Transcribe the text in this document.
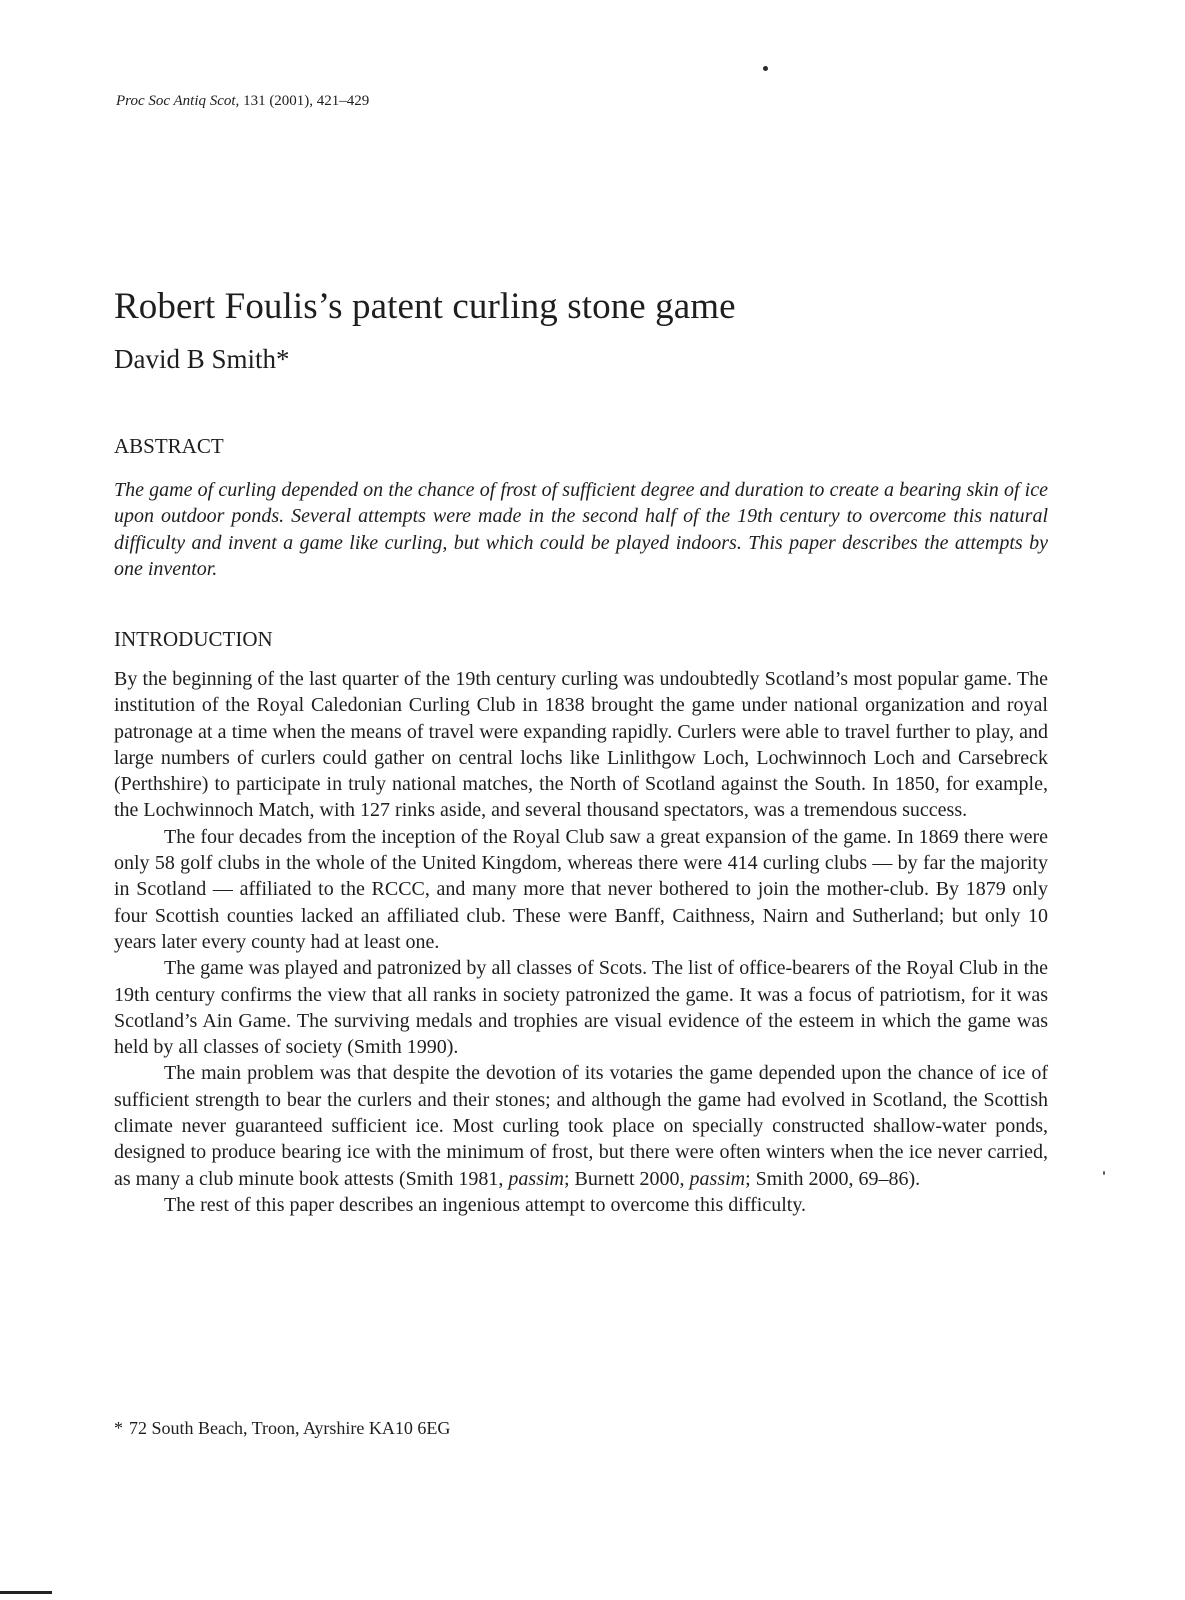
Proc Soc Antiq Scot, 131 (2001), 421–429
Robert Foulis’s patent curling stone game
David B Smith*
ABSTRACT

The game of curling depended on the chance of frost of sufficient degree and duration to create a bearing skin of ice upon outdoor ponds. Several attempts were made in the second half of the 19th century to overcome this natural difficulty and invent a game like curling, but which could be played indoors. This paper describes the attempts by one inventor.

INTRODUCTION

By the beginning of the last quarter of the 19th century curling was undoubtedly Scotland’s most popular game. The institution of the Royal Caledonian Curling Club in 1838 brought the game under national organization and royal patronage at a time when the means of travel were expanding rapidly. Curlers were able to travel further to play, and large numbers of curlers could gather on central lochs like Linlithgow Loch, Lochwinnoch Loch and Carsebreck (Perthshire) to participate in truly national matches, the North of Scotland against the South. In 1850, for example, the Lochwinnoch Match, with 127 rinks aside, and several thousand spectators, was a tremendous success.

The four decades from the inception of the Royal Club saw a great expansion of the game. In 1869 there were only 58 golf clubs in the whole of the United Kingdom, whereas there were 414 curling clubs — by far the majority in Scotland — affiliated to the RCCC, and many more that never bothered to join the mother-club. By 1879 only four Scottish counties lacked an affiliated club. These were Banff, Caithness, Nairn and Sutherland; but only 10 years later every county had at least one.

The game was played and patronized by all classes of Scots. The list of office-bearers of the Royal Club in the 19th century confirms the view that all ranks in society patronized the game. It was a focus of patriotism, for it was Scotland’s Ain Game. The surviving medals and trophies are visual evidence of the esteem in which the game was held by all classes of society (Smith 1990).

The main problem was that despite the devotion of its votaries the game depended upon the chance of ice of sufficient strength to bear the curlers and their stones; and although the game had evolved in Scotland, the Scottish climate never guaranteed sufficient ice. Most curling took place on specially constructed shallow-water ponds, designed to produce bearing ice with the minimum of frost, but there were often winters when the ice never carried, as many a club minute book attests (Smith 1981, passim; Burnett 2000, passim; Smith 2000, 69–86).

The rest of this paper describes an ingenious attempt to overcome this difficulty.

* 72 South Beach, Troon, Ayrshire KA10 6EG
